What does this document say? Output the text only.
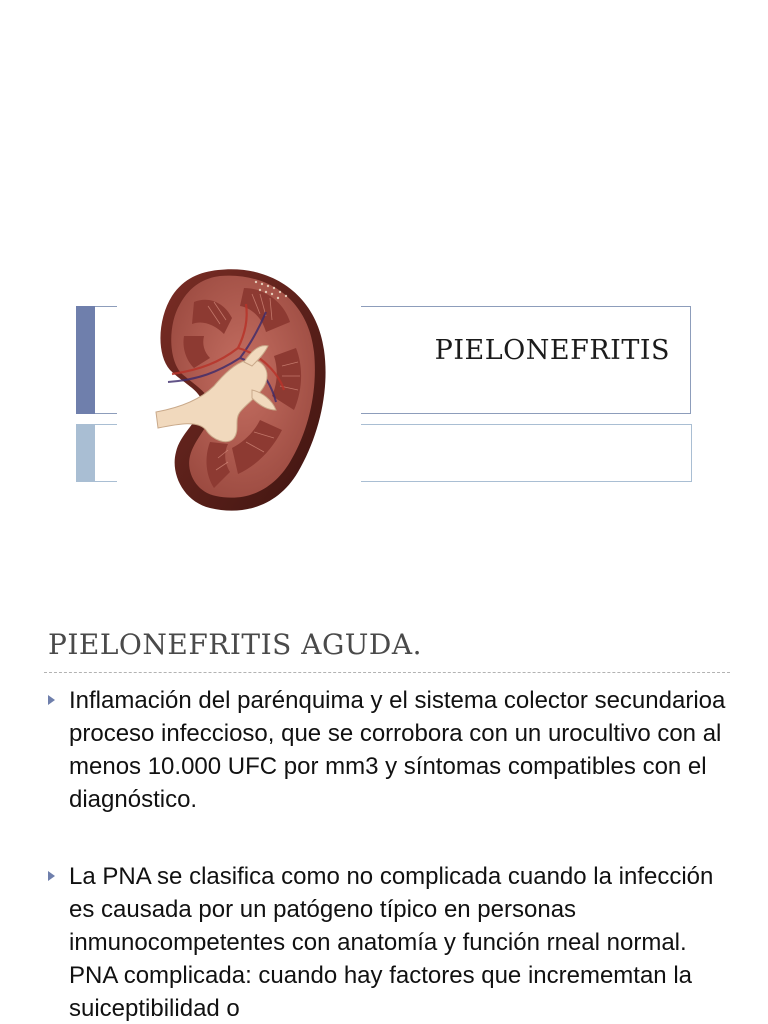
PIELONEFRITIS
PIELONEFRITIS AGUDA.
Inflamación del parénquima y el sistema colector secundarioa proceso infeccioso, que se corrobora con un urocultivo con al menos 10.000 UFC por mm3 y síntomas compatibles con el diagnóstico.
La PNA se clasifica como no complicada cuando la infección es causada por un patógeno típico en personas inmunocompetentes con anatomía y función rneal normal. PNA complicada: cuando hay factores que incrememtan la suiceptibilidad o
